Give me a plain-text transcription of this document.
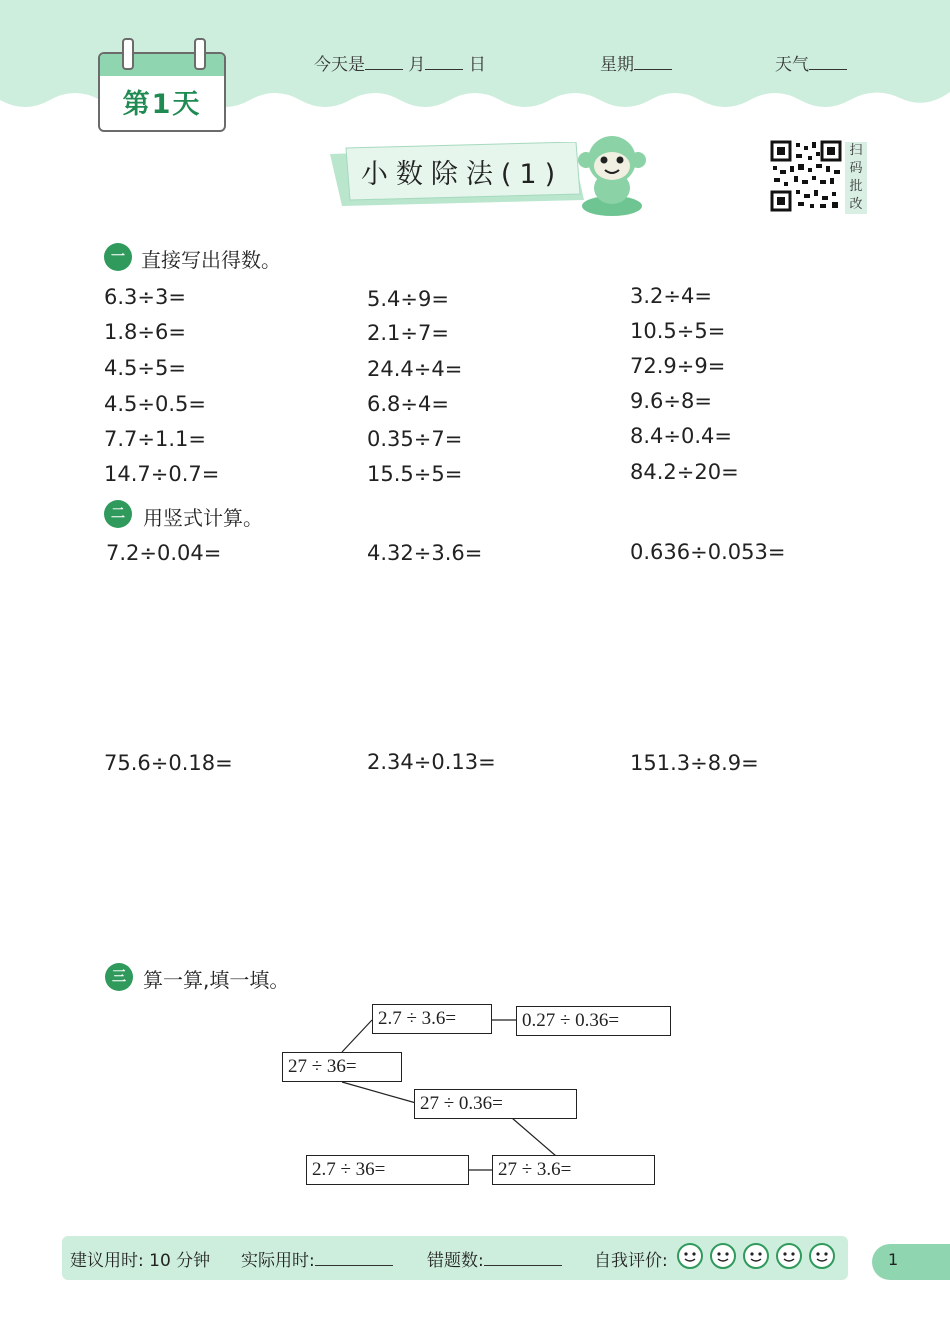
第1天
今天是	月	日	星期	天气
小数除法(1)
扫
码
批
改
一 直接写出得数。
6.3÷3=	5.4÷9=	3.2÷4=
1.8÷6=	2.1÷7=	10.5÷5=
4.5÷5=	24.4÷4=	72.9÷9=
4.5÷0.5=	6.8÷4=	9.6÷8=
7.7÷1.1=	0.35÷7=	8.4÷0.4=
14.7÷0.7=	15.5÷5=	84.2÷20=
二 用竖式计算。
7.2÷0.04=	4.32÷3.6=	0.636÷0.053=
75.6÷0.18=	2.34÷0.13=	151.3÷8.9=
三 算一算,填一填。
27 ÷ 36=
2.7 ÷ 3.6=	0.27 ÷ 0.36=
27 ÷ 0.36=
2.7 ÷ 36=	27 ÷ 3.6=
建议用时: 10 分钟 实际用时:	错题数:	自我评价:	1
